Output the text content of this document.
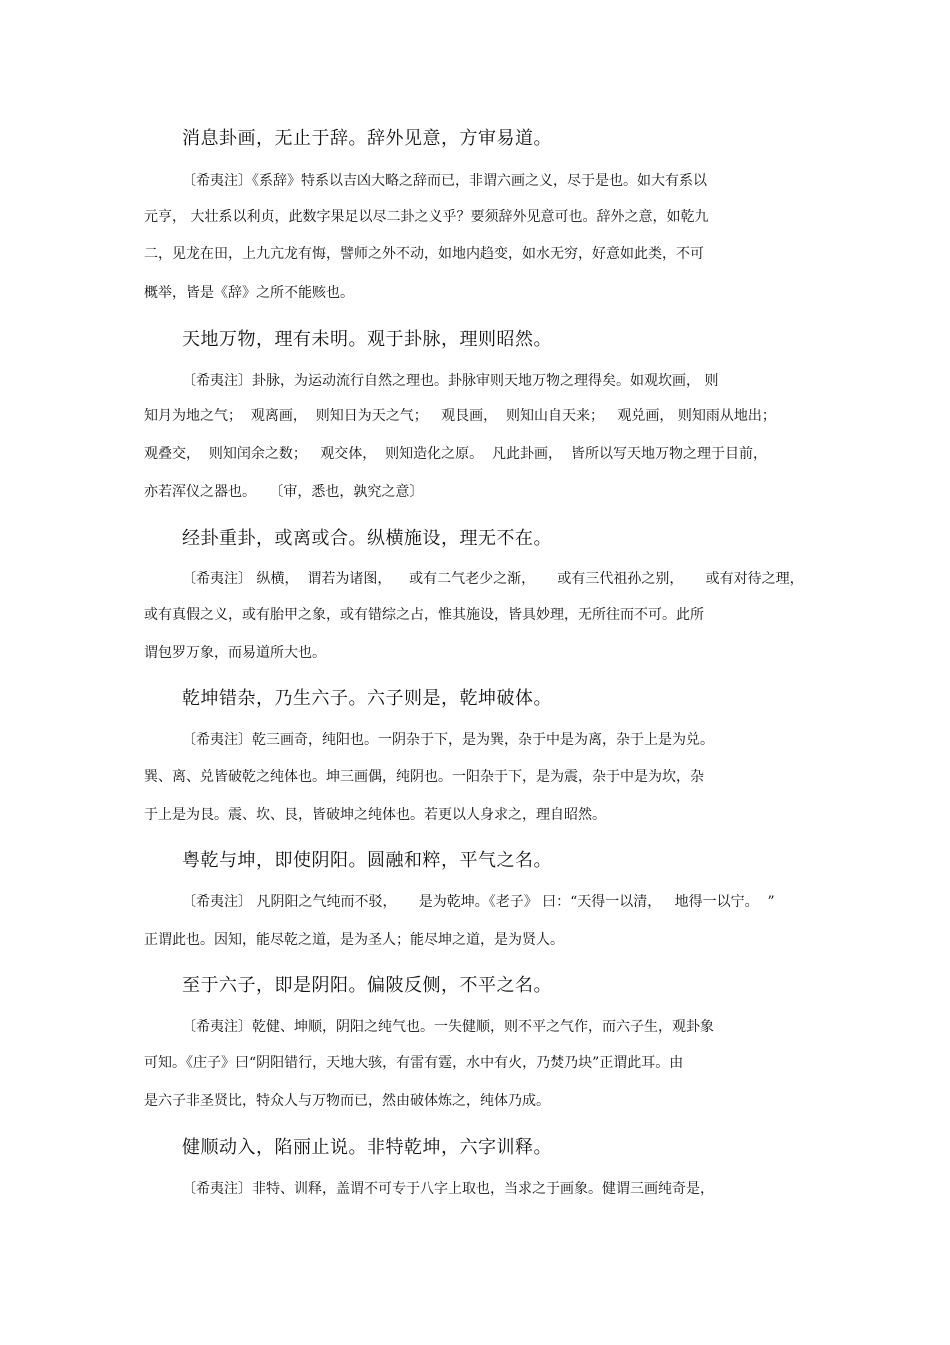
消息卦画，无止于辞。辞外见意，方审易道。
〔希夷注〕《系辞》特系以吉凶大略之辞而已，非谓六画之义，尽于是也。如大有系以
元亨， 大壮系以利贞，此数字果足以尽二卦之义乎？要须辞外见意可也。辞外之意，如乾九
二，见龙在田，上九亢龙有悔，譬师之外不动，如地内趋变，如水无穷，好意如此类，不可
概举，皆是《辞》之所不能赅也。
天地万物，理有未明。观于卦脉，理则昭然。
〔希夷注〕卦脉，为运动流行自然之理也。卦脉审则天地万物之理得矣。如观坎画， 则
知月为地之气；  观离画，  则知日为天之气；   观艮画，  则知山自天来；   观兑画， 则知雨从地出；
观叠交，  则知闰余之数；   观交体，  则知造化之原。  凡此卦画，  皆所以写天地万物之理于目前，
亦若浑仪之器也。   〔审，悉也，孰究之意〕
经卦重卦，或离或合。纵横施设，理无不在。
〔希夷注〕 纵横，  谓若为诸图，    或有二气老少之渐，     或有三代祖孙之别，     或有对待之理，
或有真假之义，或有胎甲之象，或有错综之占，惟其施设，皆具妙理，无所往而不可。此所
谓包罗万象，而易道所大也。
乾坤错杂，乃生六子。六子则是，乾坤破体。
〔希夷注〕乾三画奇，纯阳也。一阴杂于下，是为巽，杂于中是为离，杂于上是为兑。
巽、离、兑皆破乾之纯体也。坤三画偶，纯阴也。一阳杂于下，是为震，杂于中是为坎，杂
于上是为艮。震、坎、艮，皆破坤之纯体也。若更以人身求之，理自昭然。
粤乾与坤，即使阴阳。圆融和粹，平气之名。
〔希夷注〕 凡阴阳之气纯而不驳，     是为乾坤。《老子》 曰：“天得一以清，   地得一以宁。  ”
正谓此也。因知，能尽乾之道，是为圣人；能尽坤之道，是为贤人。
至于六子，即是阴阳。偏陂反侧，不平之名。
〔希夷注〕乾健、坤顺，阴阳之纯气也。一失健顺，则不平之气作，而六子生，观卦象
可知。《庄子》曰“阴阳错行，天地大骇，有雷有霆，水中有火，乃焚乃块”正谓此耳。由
是六子非圣贤比，特众人与万物而已，然由破体炼之，纯体乃成。
健顺动入，陷丽止说。非特乾坤，六字训释。
〔希夷注〕非特、训释，盖谓不可专于八字上取也，当求之于画象。健谓三画纯奇是，
